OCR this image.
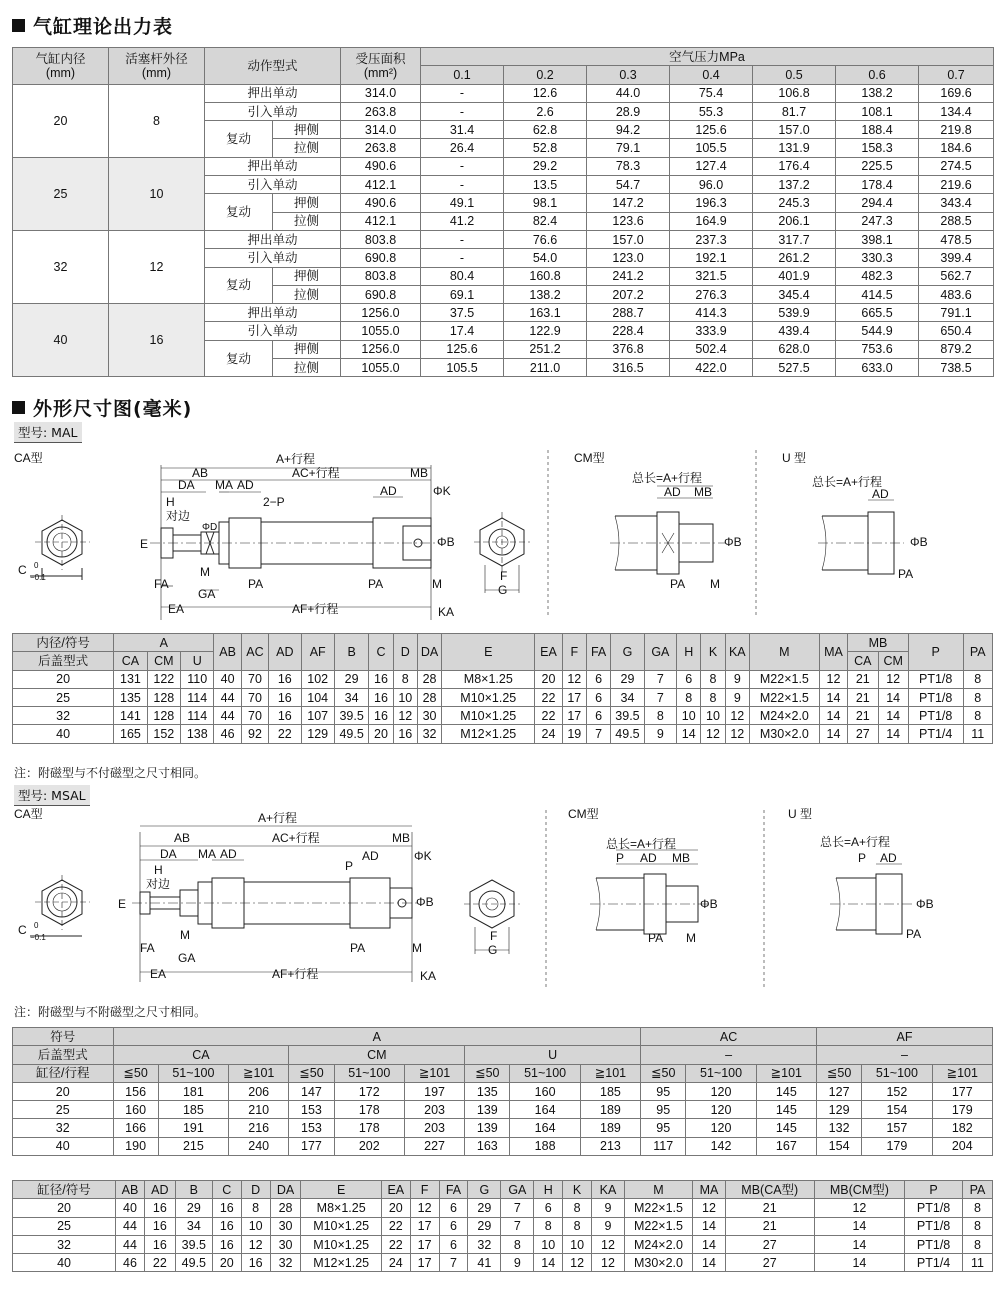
气缸理论出力表
气缸内径
(mm)	活塞杆外径
(mm)	动作型式		受压面积
(mm²)	空气压力MPa						
					0.1	0.2	0.3	0.4	0.5	0.6	0.7
20	8	押出单动		314.0	-	12.6	44.0	75.4	106.8	138.2	169.6
		引入单动		263.8	-	2.6	28.9	55.3	81.7	108.1	134.4
		复动	押侧	314.0	31.4	62.8	94.2	125.6	157.0	188.4	219.8
			拉侧	263.8	26.4	52.8	79.1	105.5	131.9	158.3	184.6
25	10	押出单动		490.6	-	29.2	78.3	127.4	176.4	225.5	274.5
		引入单动		412.1	-	13.5	54.7	96.0	137.2	178.4	219.6
		复动	押侧	490.6	49.1	98.1	147.2	196.3	245.3	294.4	343.4
			拉侧	412.1	41.2	82.4	123.6	164.9	206.1	247.3	288.5
32	12	押出单动		803.8	-	76.6	157.0	237.3	317.7	398.1	478.5
		引入单动		690.8	-	54.0	123.0	192.1	261.2	330.3	399.4
		复动	押侧	803.8	80.4	160.8	241.2	321.5	401.9	482.3	562.7
			拉侧	690.8	69.1	138.2	207.2	276.3	345.4	414.5	483.6
40	16	押出单动		1256.0	37.5	163.1	288.7	414.3	539.9	665.5	791.1
		引入单动		1055.0	17.4	122.9	228.4	333.9	439.4	544.9	650.4
		复动	押侧	1256.0	125.6	251.2	376.8	502.4	628.0	753.6	879.2
			拉侧	1055.0	105.5	211.0	316.5	422.0	527.5	633.0	738.5
外形尺寸图(毫米)
型号: MAL
CA型	CM型	U 型
C 0
−0.1
A+行程
AB	AC+行程	MB
DA MA AD	AD	ΦK
H
对边
2−P
E
ΦD
ΦB
M
FA
GA
PA	PA	M
EA	AF+行程	KA
F
G
总长=A+行程
AD MB
ΦB
PA M
总长=A+行程
AD
ΦB
PA
内径/符号	A			AB	AC	AD	AF	B	C	D	DA	E	EA	F	FA	G	GA	H	K	KA	M	MA	MB		P	PA
后盖型式	CA	CM	U																				CA	CM		
20	131	122	110	40	70	16	102	29	16	8	28	M8×1.25	20	12	6	29	7	6	8	9	M22×1.5	12	21	12	PT1/8	8
25	135	128	114	44	70	16	104	34	16	10	28	M10×1.25	22	17	6	34	7	8	8	9	M22×1.5	14	21	14	PT1/8	8
32	141	128	114	44	70	16	107	39.5	16	12	30	M10×1.25	22	17	6	39.5	8	10	10	12	M24×2.0	14	21	14	PT1/8	8
40	165	152	138	46	92	22	129	49.5	20	16	32	M12×1.25	24	19	7	49.5	9	14	12	12	M30×2.0	14	27	14	PT1/4	11
注：附磁型与不付磁型之尺寸相同。
型号: MSAL
CA型	CM型	U 型
C 0
−0.1
A+行程
AB	AC+行程	MB
DA MA AD	AD
P
ΦK
H
对边
E	ΦB
M
FA
GA
PA	M
EA	AF+行程	KA
F
G
总长=A+行程
P AD MB
ΦB
PA M
总长=A+行程
P AD
ΦB
PA
注：附磁型与不附磁型之尺寸相同。
符号	A									AC			AF		
后盖型式	CA			CM			U			–			–		
缸径/行程	≦50	51~100	≧101	≦50	51~100	≧101	≦50	51~100	≧101	≦50	51~100	≧101	≦50	51~100	≧101
20	156	181	206	147	172	197	135	160	185	95	120	145	127	152	177
25	160	185	210	153	178	203	139	164	189	95	120	145	129	154	179
32	166	191	216	153	178	203	139	164	189	95	120	145	132	157	182
40	190	215	240	177	202	227	163	188	213	117	142	167	154	179	204
缸径/符号	AB	AD	B	C	D	DA	E	EA	F	FA	G	GA	H	K	KA	M	MA	MB(CA型)	MB(CM型)	P	PA
20	40	16	29	16	8	28	M8×1.25	20	12	6	29	7	6	8	9	M22×1.5	12	21	12	PT1/8	8
25	44	16	34	16	10	30	M10×1.25	22	17	6	29	7	8	8	9	M22×1.5	14	21	14	PT1/8	8
32	44	16	39.5	16	12	30	M10×1.25	22	17	6	32	8	10	10	12	M24×2.0	14	27	14	PT1/8	8
40	46	22	49.5	20	16	32	M12×1.25	24	17	7	41	9	14	12	12	M30×2.0	14	27	14	PT1/4	11
